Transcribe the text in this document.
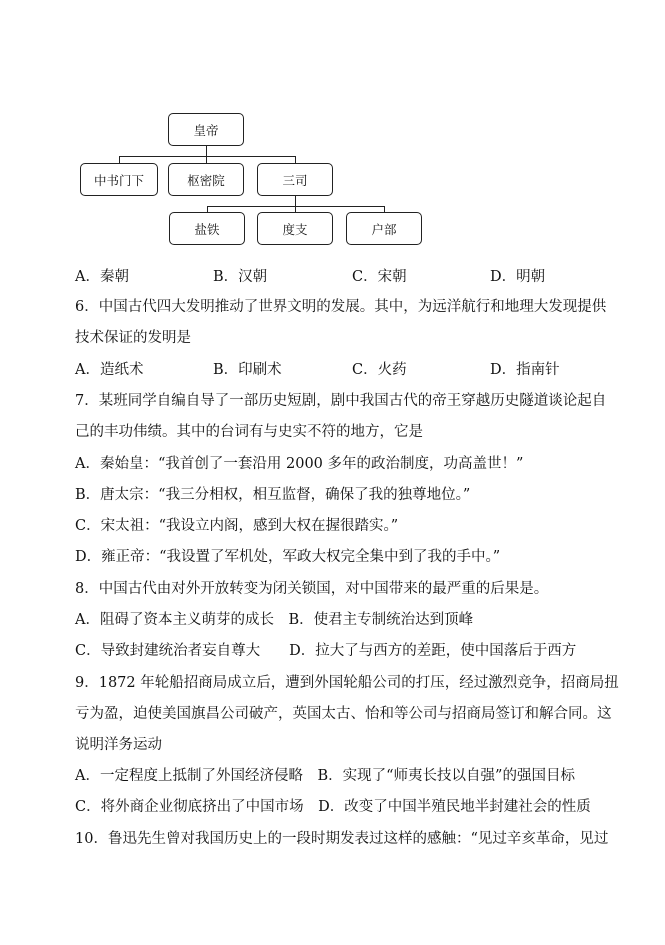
皇帝
中书门下	枢密院	三司
盐铁	度支	户部
A．秦朝	B．汉朝	C．宋朝	D．明朝
6．中国古代四大发明推动了世界文明的发展。其中，为远洋航行和地理大发现提供
技术保证的发明是
A．造纸术	B．印刷术	C．火药	D．指南针
7．某班同学自编自导了一部历史短剧，剧中我国古代的帝王穿越历史隧道谈论起自
己的丰功伟绩。其中的台词有与史实不符的地方，它是
A．秦始皇：“我首创了一套沿用 2000 多年的政治制度，功高盖世！”
B．唐太宗：“我三分相权，相互监督，确保了我的独尊地位。”
C．宋太祖：“我设立内阁，感到大权在握很踏实。”
D．雍正帝：“我设置了军机处，军政大权完全集中到了我的手中。”
8．中国古代由对外开放转变为闭关锁国，对中国带来的最严重的后果是。
A．阻碍了资本主义萌芽的成长　B．使君主专制统治达到顶峰
C．导致封建统治者妄自尊大　　D．拉大了与西方的差距，使中国落后于西方
9．1872 年轮船招商局成立后，遭到外国轮船公司的打压，经过激烈竞争，招商局扭
亏为盈，迫使美国旗昌公司破产，英国太古、怡和等公司与招商局签订和解合同。这
说明洋务运动
A．一定程度上抵制了外国经济侵略　B．实现了“师夷长技以自强”的强国目标
C．将外商企业彻底挤出了中国市场　D．改变了中国半殖民地半封建社会的性质
10．鲁迅先生曾对我国历史上的一段时期发表过这样的感触：“见过辛亥革命，见过
